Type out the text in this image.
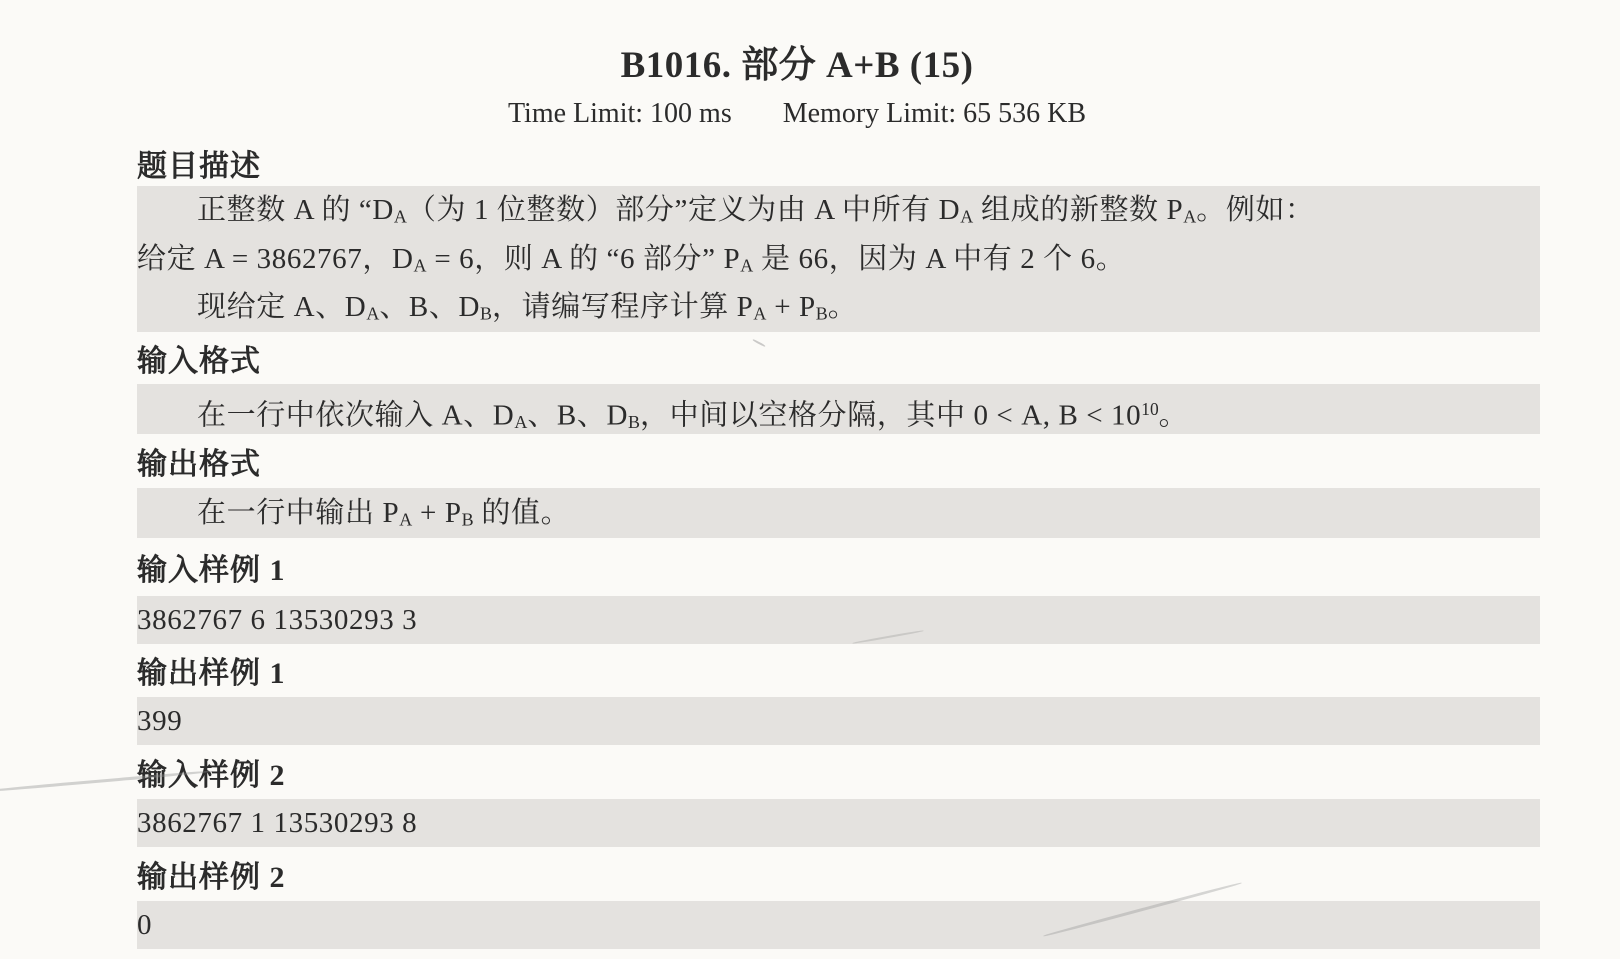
B1016. 部分 A+B (15)
Time Limit: 100 ms Memory Limit: 65 536 KB
题目描述
正整数 A 的 “$D_A$（为 1 位整数）部分”定义为由 A 中所有 $D_A$ 组成的新整数 $P_A$。例如：
给定 A = 3862767，$D_A = 6$，则 A 的 “6 部分” $P_A$ 是 66，因为 A 中有 2 个 6。
现给定 A、$D_A$、B、$D_B$，请编写程序计算 $P_A + P_B$。
输入格式
在一行中依次输入 A、$D_A$、B、$D_B$，中间以空格分隔，其中 0 < A, $B < 10^{10}$。
输出格式
在一行中输出 $P_A + P_B$ 的值。
输入样例 1
3862767 6 13530293 3
输出样例 1
399
输入样例 2
3862767 1 13530293 8
输出样例 2
0
